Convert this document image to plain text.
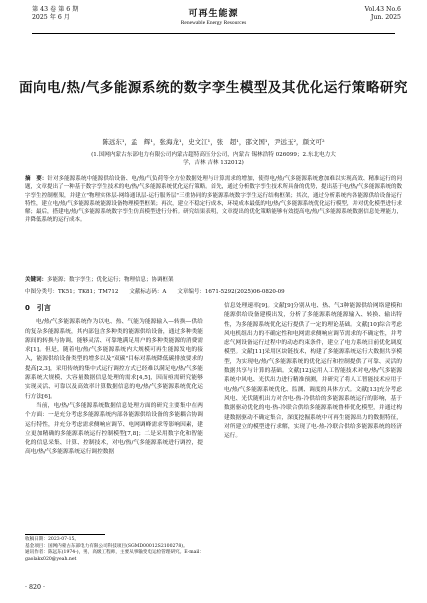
第 43 卷 第 6 期
2025 年 6 月	可再生能源
Renewable Energy Resources
Vol.43 No.6
Jun. 2025
面向电/热/气多能源系统的数字孪生模型及其优化运行策略研究
陈远东¹，孟　辉¹，张海龙¹，史文江¹，张　超¹，邵文国¹，尹远玉²，颜文可²
(1.国网内蒙古东部电力有限公司内蒙古超特高压分公司，内蒙古 锡林浩特 026099；2.东北电力大学，吉林 吉林 132012)
摘　要：针对多能源系统中能源供给设备、电/热/气负荷等全方位数据处理与计算需求的增加，使得电/热/气多能源系统愈加难以实现高效、精准运行的问题，文章提出了一种基于数字孪生技术的电/热/气多能源系统优化运行策略。首先，通过分析数字孪生技术所具备的优势，提出基于电/热/气多能源系统的数字孪生控制框架，并建立"物理实体层-网络通讯层-运行服务层"三重协同的多能源系统数字孪生运行结构框架；其次，通过分析系统内各能源供给设备运行特性，建立电/热/气多能源系统能源设备物理模型框架；再次，建立不稳定行成本，环境成本最低的电/热/气多能源系统优化运行模型，并对优化模型进行求解；最后，搭建电/热/气多能源系统数字孪生仿真模型进行分析。研究结果表明，文章提出的优化策略能够有效提高电/热/气多能源系统数据信息处理能力，并降低系统的运行成本。
关键词：多能源；数字孪生；优化运行；物理信息；协调框架
中图分类号：TK51；TK81；TM712　　文献标志码：A　　文章编号：1671-5292(2025)06-0820-09
0　引言

电/热/气多能源系统作为以电、热、气能为能源输入—转换—供给的复杂多能源系统，其内部包含多种类的能源供给设备，通过多种类能源间的转换与协调，能够灵活、可靠地满足用户的多种类能源的消费需求[1]。但是，随着电/热/气多能源系统内大规模可再生能源发电的接入，能源供给设备类型的增多以及"双碳"目标对系统降低碳排放要求的提高[2,3]，采用传统的集中式运行调控方式已经难以满足电/热/气多能源系统大规模、大容量数据信息处理的需求[4,5]，因而亟需研究能够实现灵活、可靠以及高效率计算数据信息的电/热/气多能源系统优化运行方法[6]。

当前，电/热/气多能源系统数据信息处理方面的研究主要集中在两个方面：一是充分考虑多能源系统内部各能源供给设备的多能耦合协调运行特性，并充分考虑需求侧响应调节、电网调峰需求等影响因素，建立更加精确的多能源系统运行控制模型[7,8]；二是采用数字化和智能化的信息采集、计算、控制技术，对电/热/气多能源系统进行调控，提高电/热/气多能源系统运行调控数据

信息处理速率[9]。文献[9]分别从电、热、气3种能源供给网络建模和能源供给设备建模出发，分析了多能源系统能源输入、转换、输出特性，为多能源系统优化运行提供了一定的理论基础。文献[10]综合考虑风电机组出力的不确定性和电网需求侧响应调节需求的不确定性，并考虑气网设备运行过程中的动态约束条件，建立了电力系统日前优化调度模型。文献[11]采用区块链技术，构建了多能源系统运行大数据共享模型，为实现电/热/气多能源系统的优化运行和控制提供了可靠、灵活的数据共享与计算的基础。文献[12]运用人工智能技术对电/热/气多能源系统中风电、光伏出力进行精准预测，并研究了将人工智能技术应用于电/热/气多能源系统优化、监测、调度的具体方式。文献[13]充分考虑风电、光伏随机出力对含电-热-冷供给的多能源系统运行的影响，基于数据驱动优化的电-热-冷联合供给多能源系统鲁棒优化模型，并通过构建数据驱动不确定集合，深度挖掘系统中可再生能源出力的数据特征，对所建立的模型进行求解，实现了电-热-冷联合供给多能源系统的经济运行。

收稿日期：2023-07-15。
基金项目：国网内蒙古东部电力有限公司科技项目(SGMD00012S2100278)。
通讯作者：陈远东(1974-)，男，高级工程师，主要从事输变电运检管理研究。E-mail：gaolakx020@yeah.net
· 820 ·
